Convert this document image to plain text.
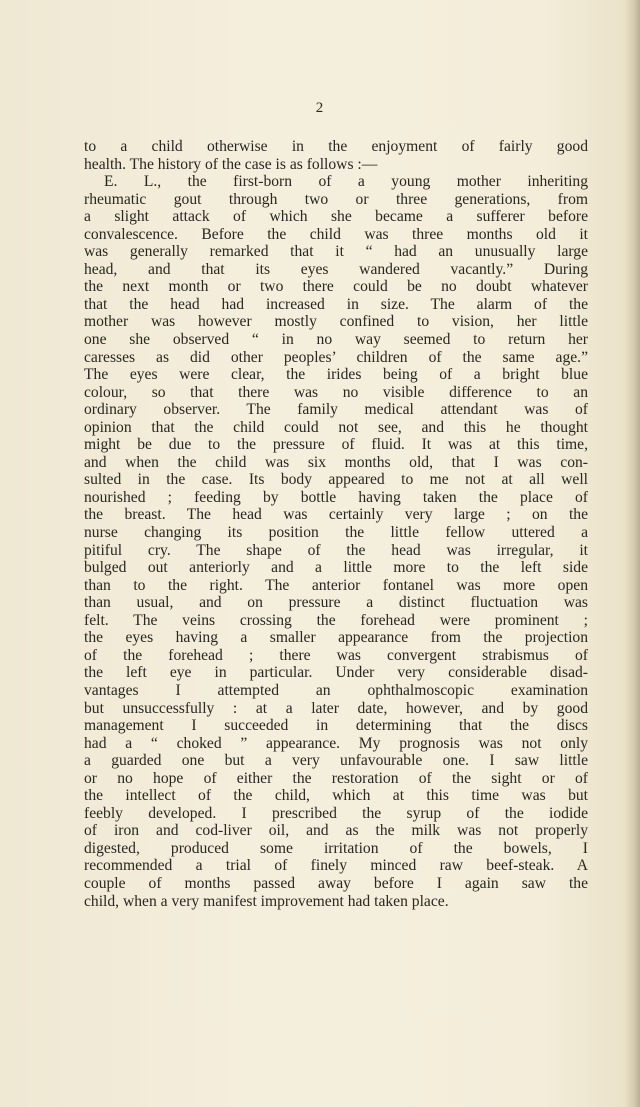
2
to a child otherwise in the enjoyment of fairly good
health. The history of the case is as follows :—
E. L., the first-born of a young mother inheriting
rheumatic gout through two or three generations, from
a slight attack of which she became a sufferer before
convalescence. Before the child was three months old it
was generally remarked that it “ had an unusually large
head, and that its eyes wandered vacantly.” During
the next month or two there could be no doubt whatever
that the head had increased in size. The alarm of the
mother was however mostly confined to vision, her little
one she observed “ in no way seemed to return her
caresses as did other peoples’ children of the same age.”
The eyes were clear, the irides being of a bright blue
colour, so that there was no visible difference to an
ordinary observer. The family medical attendant was of
opinion that the child could not see, and this he thought
might be due to the pressure of fluid. It was at this time,
and when the child was six months old, that I was con-
sulted in the case. Its body appeared to me not at all well
nourished ; feeding by bottle having taken the place of
the breast. The head was certainly very large ; on the
nurse changing its position the little fellow uttered a
pitiful cry. The shape of the head was irregular, it
bulged out anteriorly and a little more to the left side
than to the right. The anterior fontanel was more open
than usual, and on pressure a distinct fluctuation was
felt. The veins crossing the forehead were prominent ;
the eyes having a smaller appearance from the projection
of the forehead ; there was convergent strabismus of
the left eye in particular. Under very considerable disad-
vantages I attempted an ophthalmoscopic examination
but unsuccessfully : at a later date, however, and by good
management I succeeded in determining that the discs
had a “ choked ” appearance. My prognosis was not only
a guarded one but a very unfavourable one. I saw little
or no hope of either the restoration of the sight or of
the intellect of the child, which at this time was but
feebly developed. I prescribed the syrup of the iodide
of iron and cod-liver oil, and as the milk was not properly
digested, produced some irritation of the bowels, I
recommended a trial of finely minced raw beef-steak. A
couple of months passed away before I again saw the
child, when a very manifest improvement had taken place.
